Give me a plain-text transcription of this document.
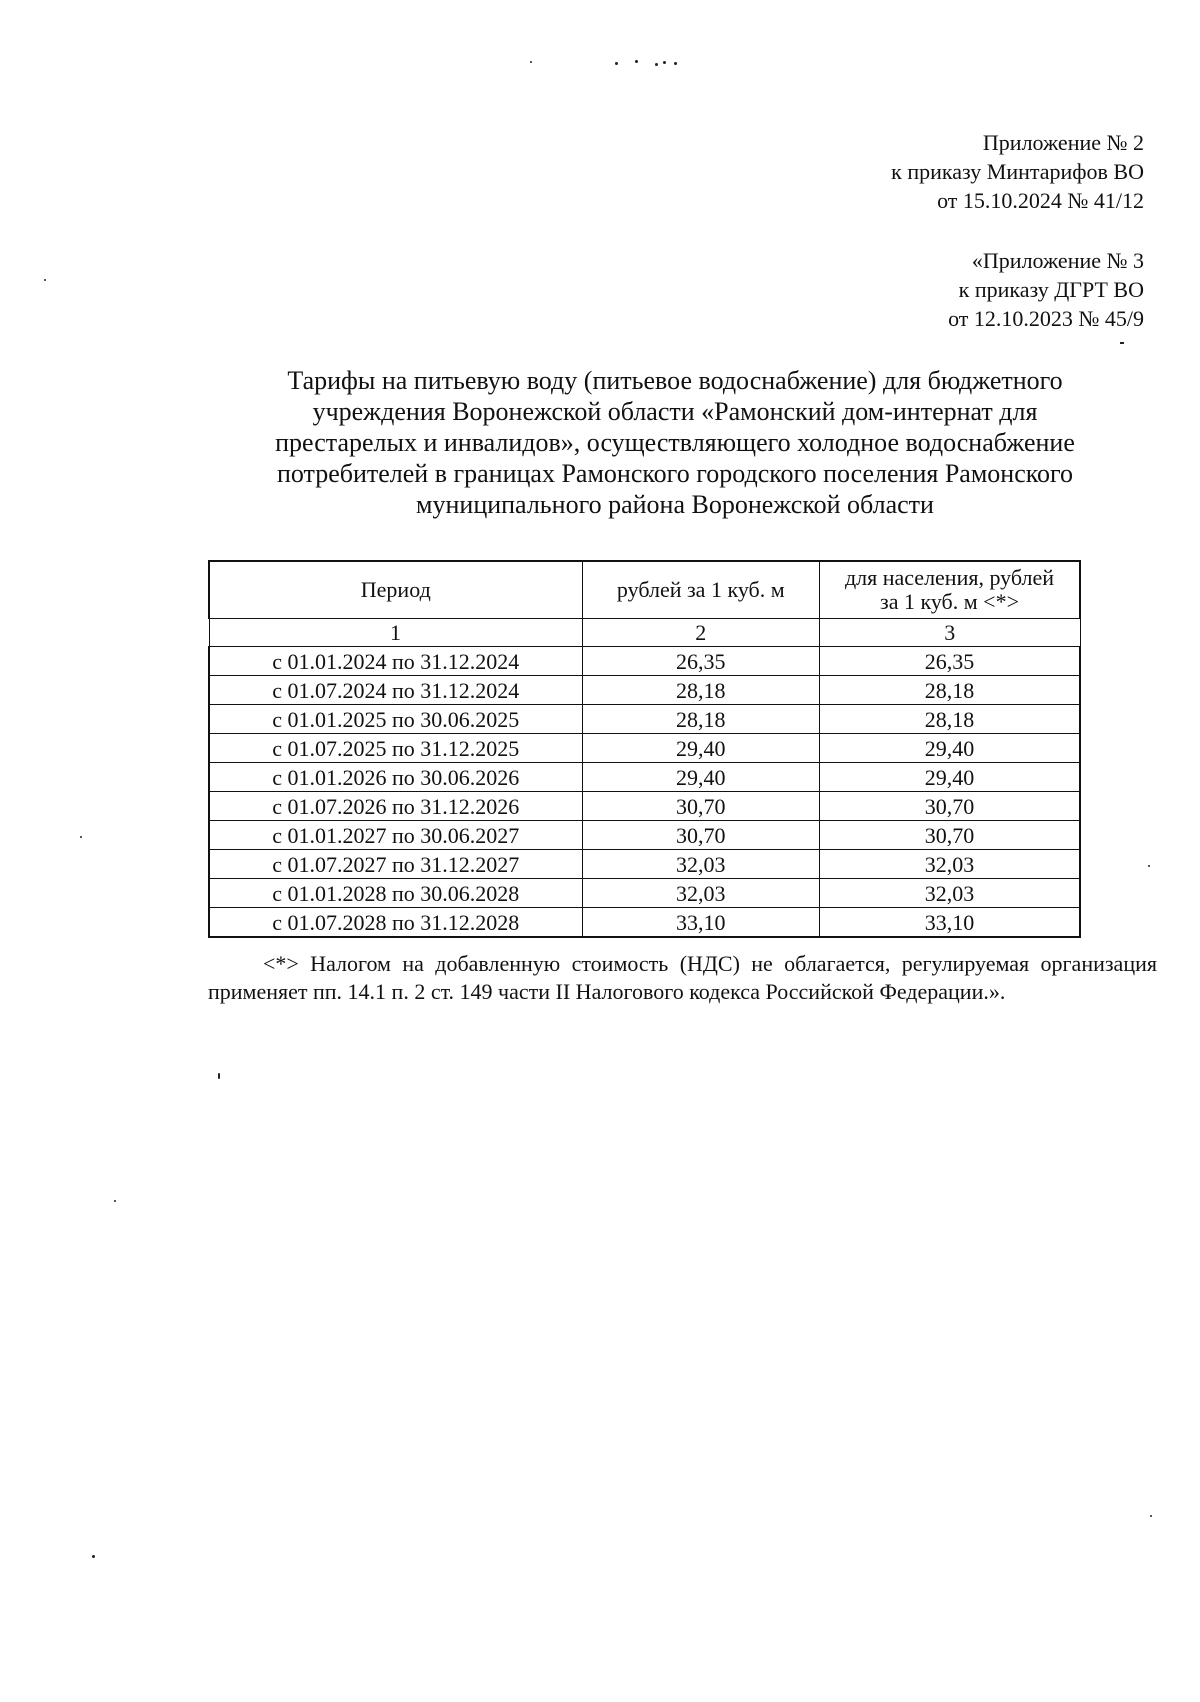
Приложение № 2
к приказу Минтарифов ВО
от 15.10.2024 № 41/12
«Приложение № 3
к приказу ДГРТ ВО
от 12.10.2023 № 45/9
Тарифы на питьевую воду (питьевое водоснабжение) для бюджетного
учреждения Воронежской области «Рамонский дом-интернат для
престарелых и инвалидов», осуществляющего холодное водоснабжение
потребителей в границах Рамонского городского поселения Рамонского
муниципального района Воронежской области
Период	рублей за 1 куб. м	для населения, рублей
за 1 куб. м <*>

1	2	3
с 01.01.2024 по 31.12.2024	26,35	26,35
с 01.07.2024 по 31.12.2024	28,18	28,18
с 01.01.2025 по 30.06.2025	28,18	28,18
с 01.07.2025 по 31.12.2025	29,40	29,40
с 01.01.2026 по 30.06.2026	29,40	29,40
с 01.07.2026 по 31.12.2026	30,70	30,70
с 01.01.2027 по 30.06.2027	30,70	30,70
с 01.07.2027 по 31.12.2027	32,03	32,03
с 01.01.2028 по 30.06.2028	32,03	32,03
с 01.07.2028 по 31.12.2028	33,10	33,10
<*> Налогом на добавленную стоимость (НДС) не облагается, регулируемая организация применяет пп. 14.1 п. 2 ст. 149 части II Налогового кодекса Российской Федерации.».
